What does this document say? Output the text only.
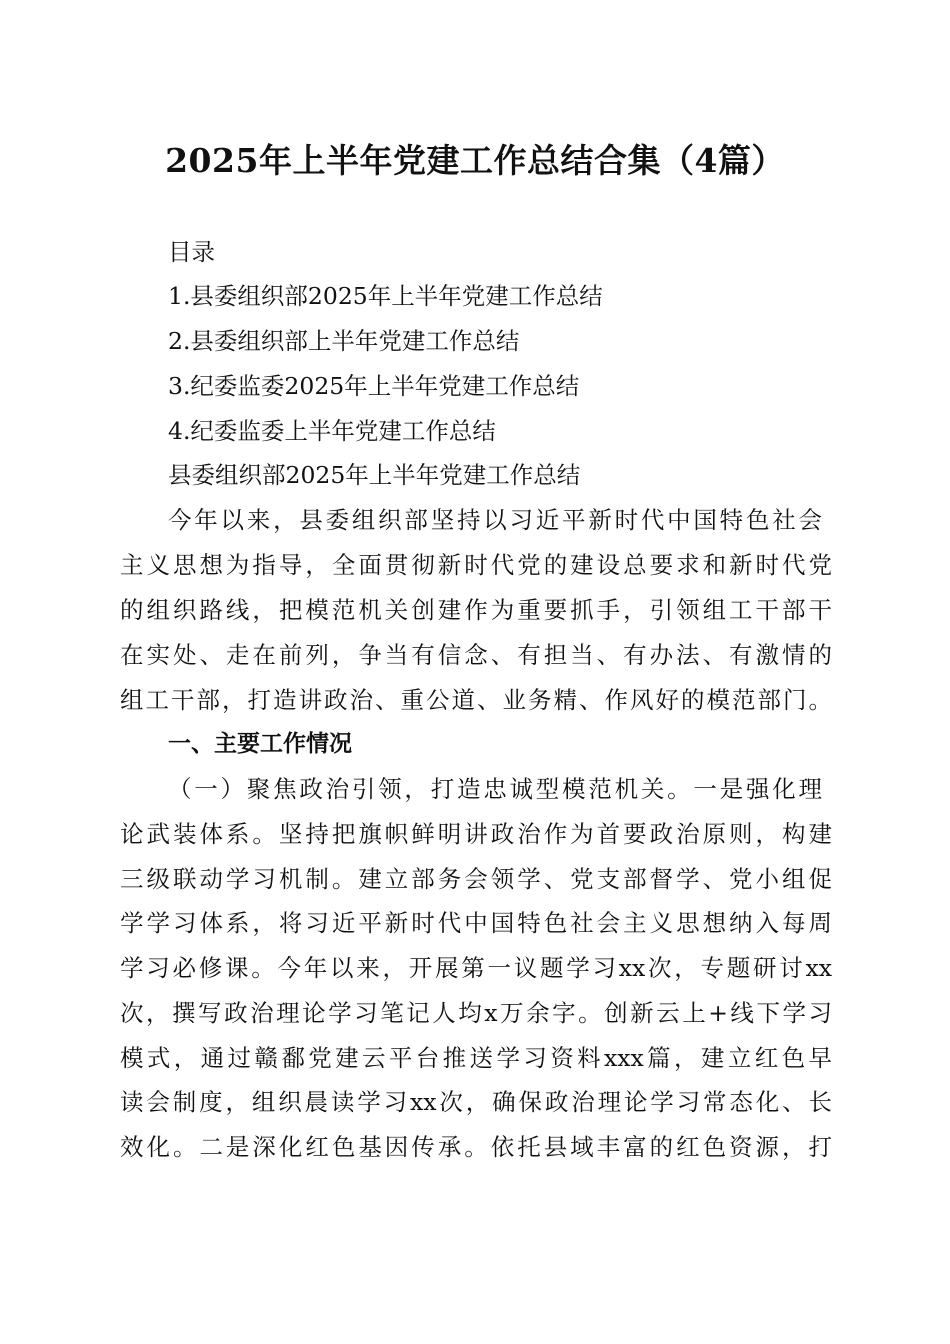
2025年上半年党建工作总结合集（4篇）
目录
1.县委组织部2025年上半年党建工作总结
2.县委组织部上半年党建工作总结
3.纪委监委2025年上半年党建工作总结
4.纪委监委上半年党建工作总结
县委组织部2025年上半年党建工作总结
今年以来，县委组织部坚持以习近平新时代中国特色社会
主义思想为指导，全面贯彻新时代党的建设总要求和新时代党
的组织路线，把模范机关创建作为重要抓手，引领组工干部干
在实处、走在前列，争当有信念、有担当、有办法、有激情的
组工干部，打造讲政治、重公道、业务精、作风好的模范部门。
一、主要工作情况
（一）聚焦政治引领，打造忠诚型模范机关。一是强化理
论武装体系。坚持把旗帜鲜明讲政治作为首要政治原则，构建
三级联动学习机制。建立部务会领学、党支部督学、党小组促
学学习体系，将习近平新时代中国特色社会主义思想纳入每周
学习必修课。今年以来，开展第一议题学习xx次，专题研讨xx
次，撰写政治理论学习笔记人均x万余字。创新云上+线下学习
模式，通过赣鄱党建云平台推送学习资料xxx篇，建立红色早
读会制度，组织晨读学习xx次，确保政治理论学习常态化、长
效化。二是深化红色基因传承。依托县域丰富的红色资源，打
